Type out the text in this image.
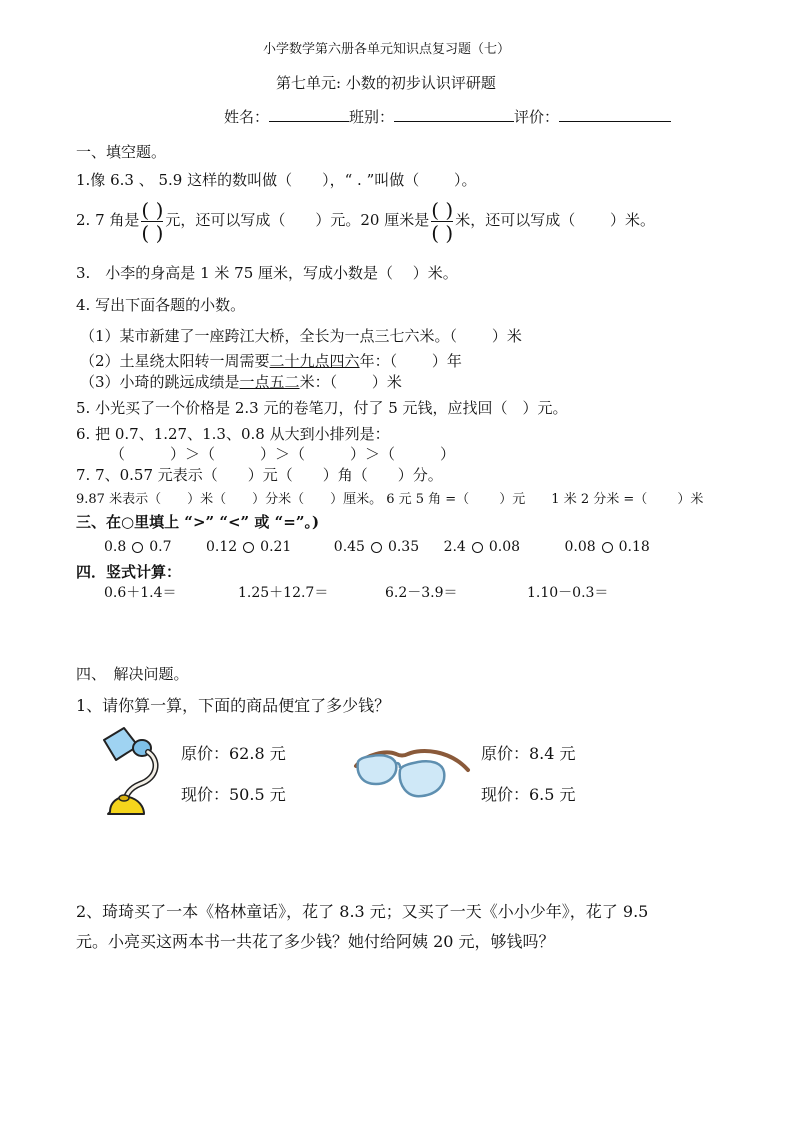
小学数学第六册各单元知识点复习题（七）
第七单元: 小数的初步认识评研题
姓名：	班别：	评价：
一、填空题。
1.像 6.3 、 5.9 这样的数叫做（　　），“ . ”叫做（　　 ）。
2. 7 角是 $\frac{( )}{( )}$ 元，还可以写成（　　）元。20 厘米是 $\frac{( )}{( )}$ 米，还可以写成（　　 ）米。
3.　小李的身高是 1 米 75 厘米，写成小数是（　 ）米。
4. 写出下面各题的小数。
（1）某市新建了一座跨江大桥，全长为一点三七六米。（　　 ）米
（2）土星绕太阳转一周需要二十九点四六年：（　　 ）年
（3）小琦的跳远成绩是一点五二米：（　　 ）米
5. 小光买了一个价格是 2.3 元的卷笔刀，付了 5 元钱，应找回（　）元。
6. 把 0.7、1.27、1.3、0.8 从大到小排列是：
（　　　）＞（　　　）＞（　　　）＞（　　　）
7. 7、0.57 元表示（　　）元（　　）角（　　）分。
9.87 米表示（　　）米（　　）分米（　　）厘米。 6 元 5 角 =（　　 ）元　　1 米 2 分米 =（　　 ）米
三、在○里填上 “>” “<” 或 “=”。)
0.8 0.7 0.12 0.21	0.45 0.35 2.4 0.08	0.08 0.18
四．竖式计算：
0.6＋1.4＝	1.25＋12.7＝	6.2－3.9＝	1.10－0.3＝
四、　解决问题。
1、请你算一算，下面的商品便宜了多少钱？
原价：62.8 元
现价：50.5 元
原价：8.4 元
现价：6.5 元
2、琦琦买了一本《格林童话》，花了 8.3 元；又买了一天《小小少年》，花了 9.5
元。小亮买这两本书一共花了多少钱？她付给阿姨 20 元，够钱吗？
